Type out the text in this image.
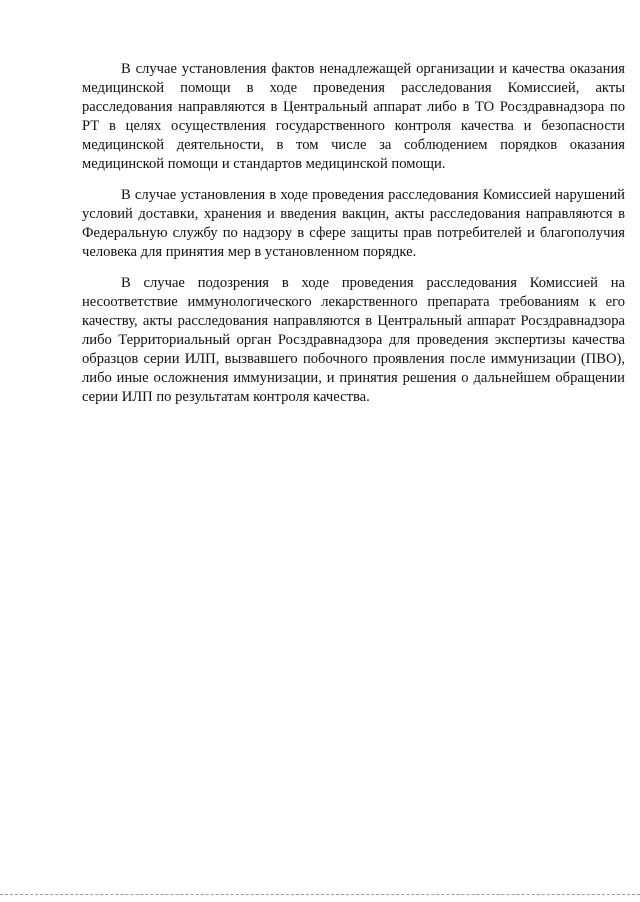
В случае установления фактов ненадлежащей организации и качества оказания медицинской помощи в ходе проведения расследования Комиссией, акты расследования направляются в Центральный аппарат либо в ТО Росздравнадзора по РТ в целях осуществления государственного контроля качества и безопасности медицинской деятельности, в том числе за соблюдением порядков оказания медицинской помощи и стандартов медицинской помощи.

В случае установления в ходе проведения расследования Комиссией нарушений условий доставки, хранения и введения вакцин, акты расследования направляются в Федеральную службу по надзору в сфере защиты прав потребителей и благополучия человека для принятия мер в установленном порядке.

В случае подозрения в ходе проведения расследования Комиссией на несоответствие иммунологического лекарственного препарата требованиям к его качеству, акты расследования направляются в Центральный аппарат Росздравнадзора либо Территориальный орган Росздравнадзора для проведения экспертизы качества образцов серии ИЛП, вызвавшего побочного проявления после иммунизации (ПВО), либо иные осложнения иммунизации, и принятия решения о дальнейшем обращении серии ИЛП по результатам контроля качества.
